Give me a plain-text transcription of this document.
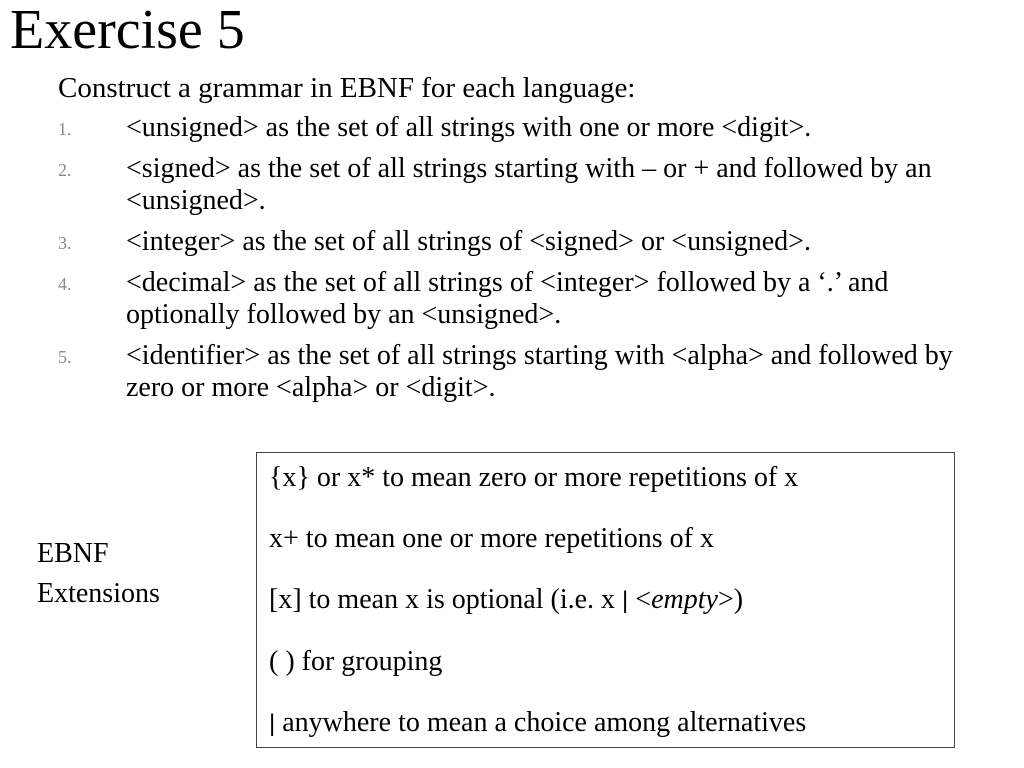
Exercise 5
Construct a grammar in EBNF for each language:
1. <unsigned> as the set of all strings with one or more <digit>.
2. <signed> as the set of all strings starting with – or + and followed by an <unsigned>.
3. <integer> as the set of all strings of <signed> or <unsigned>.
4. <decimal> as the set of all strings of <integer> followed by a ‘.’ and optionally followed by an <unsigned>.
5. <identifier> as the set of all strings starting with <alpha> and followed by zero or more <alpha> or <digit>.
EBNF
Extensions
{x} or x* to mean zero or more repetitions of x
x+ to mean one or more repetitions of x
[x] to mean x is optional (i.e. x | <empty>)
( ) for grouping
| anywhere to mean a choice among alternatives
